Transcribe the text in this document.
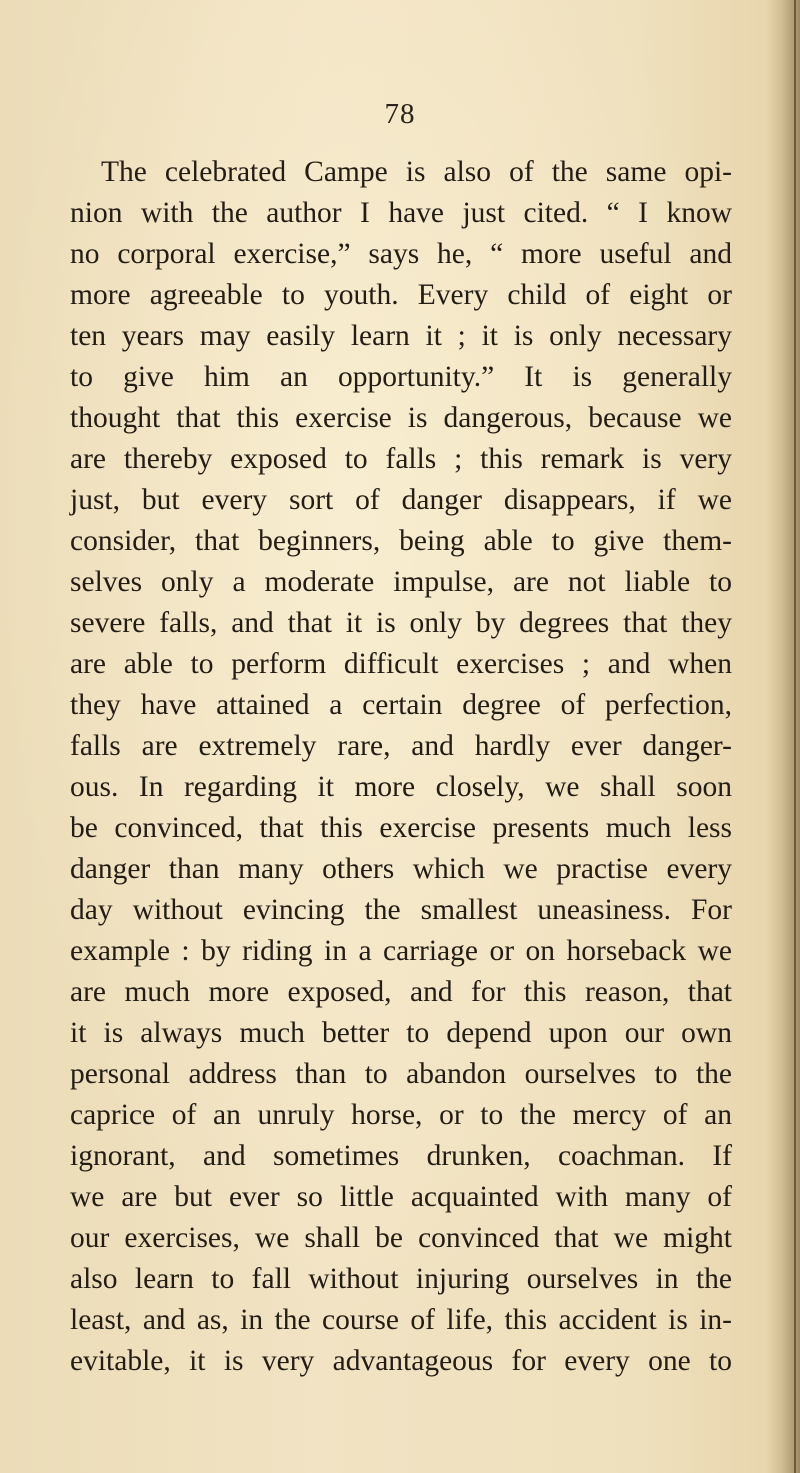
78
The celebrated Campe is also of the same opi-
nion with the author I have just cited. “ I know
no corporal exercise,” says he, “ more useful and
more agreeable to youth. Every child of eight or
ten years may easily learn it ; it is only necessary
to give him an opportunity.” It is generally
thought that this exercise is dangerous, because we
are thereby exposed to falls ; this remark is very
just, but every sort of danger disappears, if we
consider, that beginners, being able to give them-
selves only a moderate impulse, are not liable to
severe falls, and that it is only by degrees that they
are able to perform difficult exercises ; and when
they have attained a certain degree of perfection,
falls are extremely rare, and hardly ever danger-
ous. In regarding it more closely, we shall soon
be convinced, that this exercise presents much less
danger than many others which we practise every
day without evincing the smallest uneasiness. For
example : by riding in a carriage or on horseback we
are much more exposed, and for this reason, that
it is always much better to depend upon our own
personal address than to abandon ourselves to the
caprice of an unruly horse, or to the mercy of an
ignorant, and sometimes drunken, coachman. If
we are but ever so little acquainted with many of
our exercises, we shall be convinced that we might
also learn to fall without injuring ourselves in the
least, and as, in the course of life, this accident is in-
evitable, it is very advantageous for every one to
